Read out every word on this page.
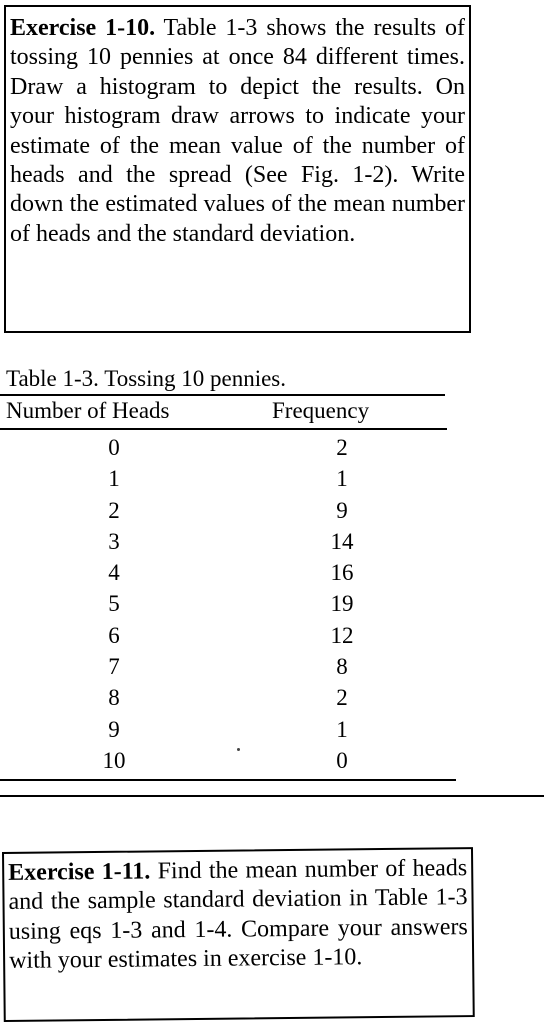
Exercise 1-10. Table 1-3 shows the results of tossing 10 pennies at once 84 different times. Draw a histogram to depict the results. On your histogram draw arrows to indicate your estimate of the mean value of the number of heads and the spread (See Fig. 1-2). Write down the estimated values of the mean number of heads and the standard deviation.
Table 1-3. Tossing 10 pennies.
Number of Heads	Frequency
0	2
1	1
2	9
3	14
4	16
5	19
6	12
7	8
8	2
9	1
10	0
Exercise 1-11. Find the mean number of heads and the sample standard deviation in Table 1-3 using eqs 1-3 and 1-4. Compare your answers with your estimates in exercise 1-10.
